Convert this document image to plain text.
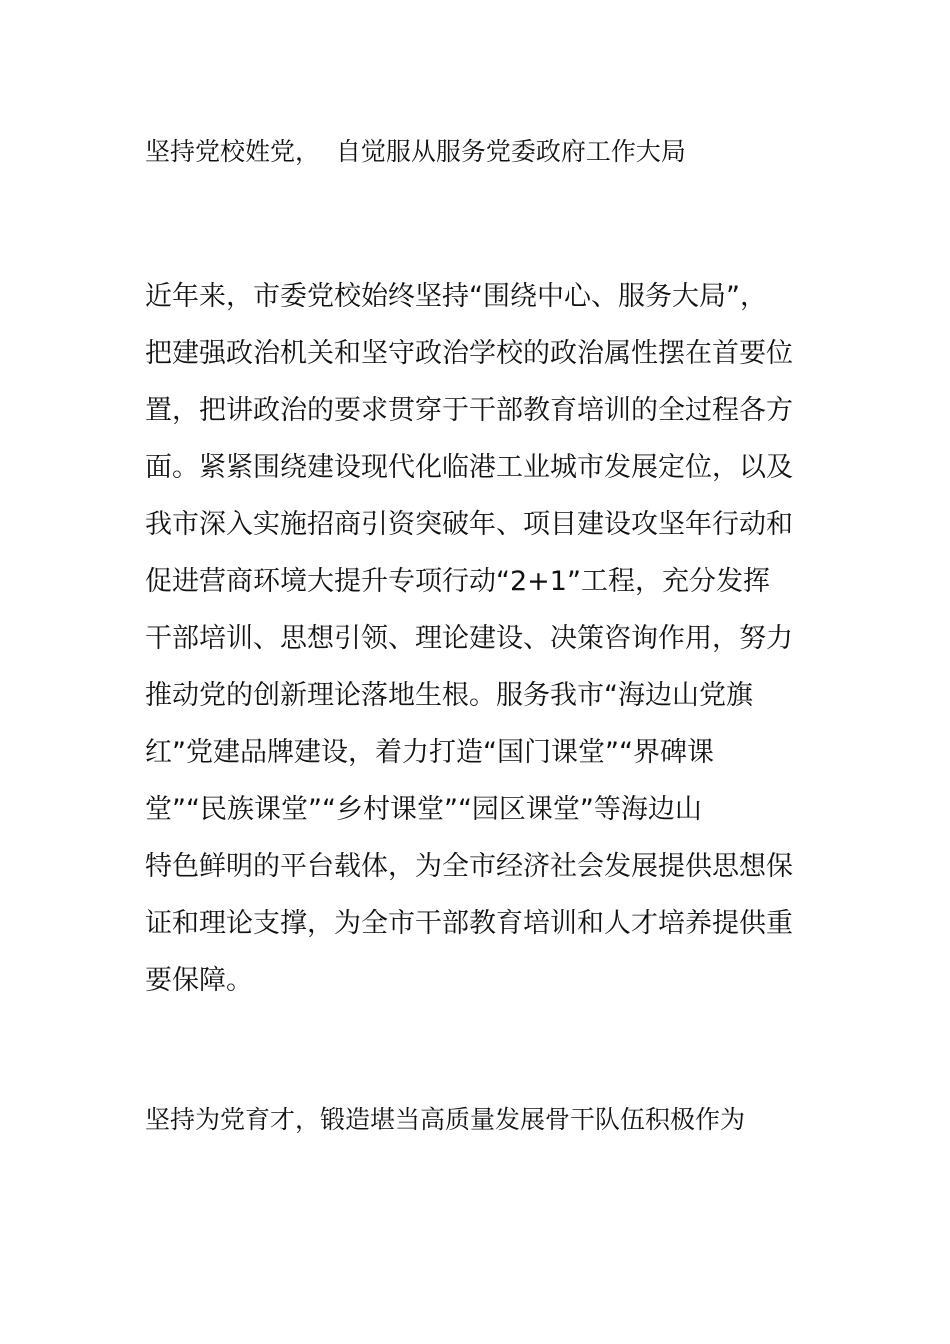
坚持党校姓党，  自觉服从服务党委政府工作大局
近年来，市委党校始终坚持“围绕中心、服务大局”，
把建强政治机关和坚守政治学校的政治属性摆在首要位
置，把讲政治的要求贯穿于干部教育培训的全过程各方
面。紧紧围绕建设现代化临港工业城市发展定位，以及
我市深入实施招商引资突破年、项目建设攻坚年行动和
促进营商环境大提升专项行动“2+1”工程，充分发挥
干部培训、思想引领、理论建设、决策咨询作用，努力
推动党的创新理论落地生根。服务我市“海边山党旗
红”党建品牌建设，着力打造“国门课堂”“界碑课
堂”“民族课堂”“乡村课堂”“园区课堂”等海边山
特色鲜明的平台载体，为全市经济社会发展提供思想保
证和理论支撑，为全市干部教育培训和人才培养提供重
要保障。
坚持为党育才，锻造堪当高质量发展骨干队伍积极作为
